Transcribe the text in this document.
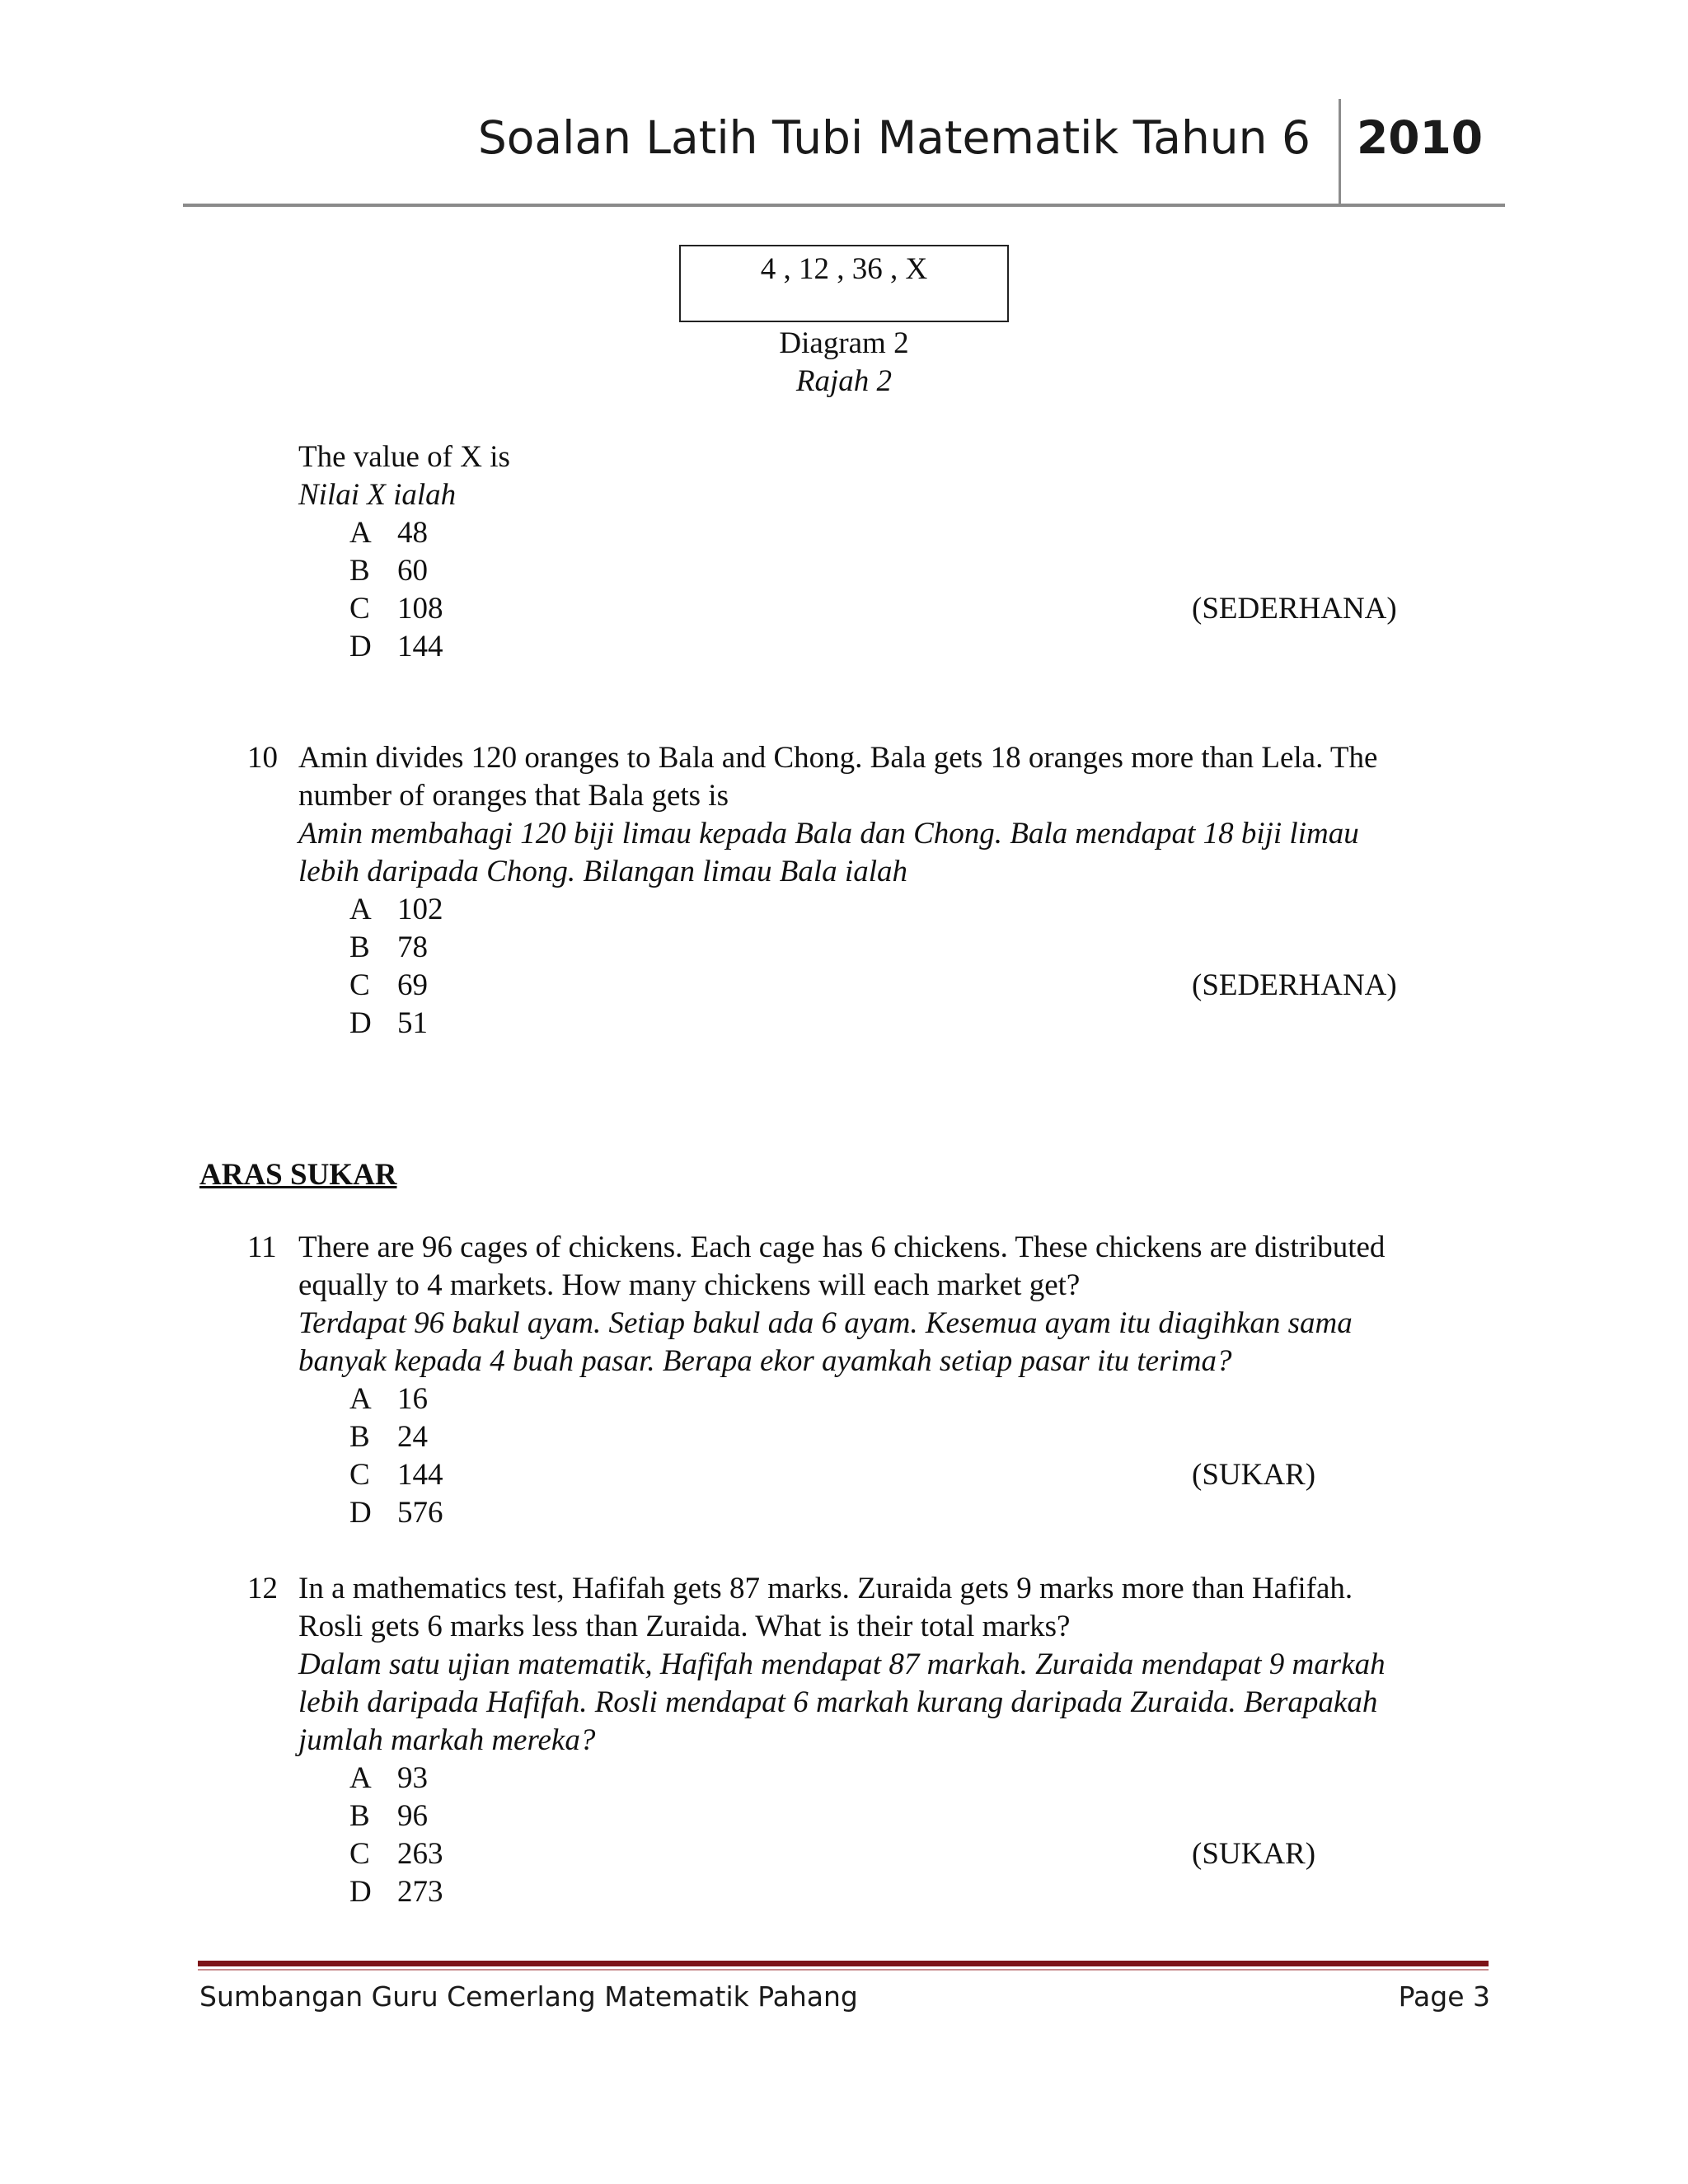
Soalan Latih Tubi Matematik Tahun 6 2010
4 , 12 , 36 , X
Diagram 2
Rajah 2
The value of X is
Nilai X ialah
A 48
B 60
C 108	(SEDERHANA)
D 144
10 Amin divides 120 oranges to Bala and Chong. Bala gets 18 oranges more than Lela. The
number of oranges that Bala gets is
Amin membahagi 120 biji limau kepada Bala dan Chong. Bala mendapat 18 biji limau
lebih daripada Chong. Bilangan limau Bala ialah
A 102
B 78
C 69	(SEDERHANA)
D 51
ARAS SUKAR
11 There are 96 cages of chickens. Each cage has 6 chickens. These chickens are distributed
equally to 4 markets. How many chickens will each market get?
Terdapat 96 bakul ayam. Setiap bakul ada 6 ayam. Kesemua ayam itu diagihkan sama
banyak kepada 4 buah pasar. Berapa ekor ayamkah setiap pasar itu terima?
A 16
B 24
C 144	(SUKAR)
D 576
12 In a mathematics test, Hafifah gets 87 marks. Zuraida gets 9 marks more than Hafifah.
Rosli gets 6 marks less than Zuraida. What is their total marks?
Dalam satu ujian matematik, Hafifah mendapat 87 markah. Zuraida mendapat 9 markah
lebih daripada Hafifah. Rosli mendapat 6 markah kurang daripada Zuraida. Berapakah
jumlah markah mereka?
A 93
B 96
C 263	(SUKAR)
D 273
Sumbangan Guru Cemerlang Matematik Pahang	Page 3
